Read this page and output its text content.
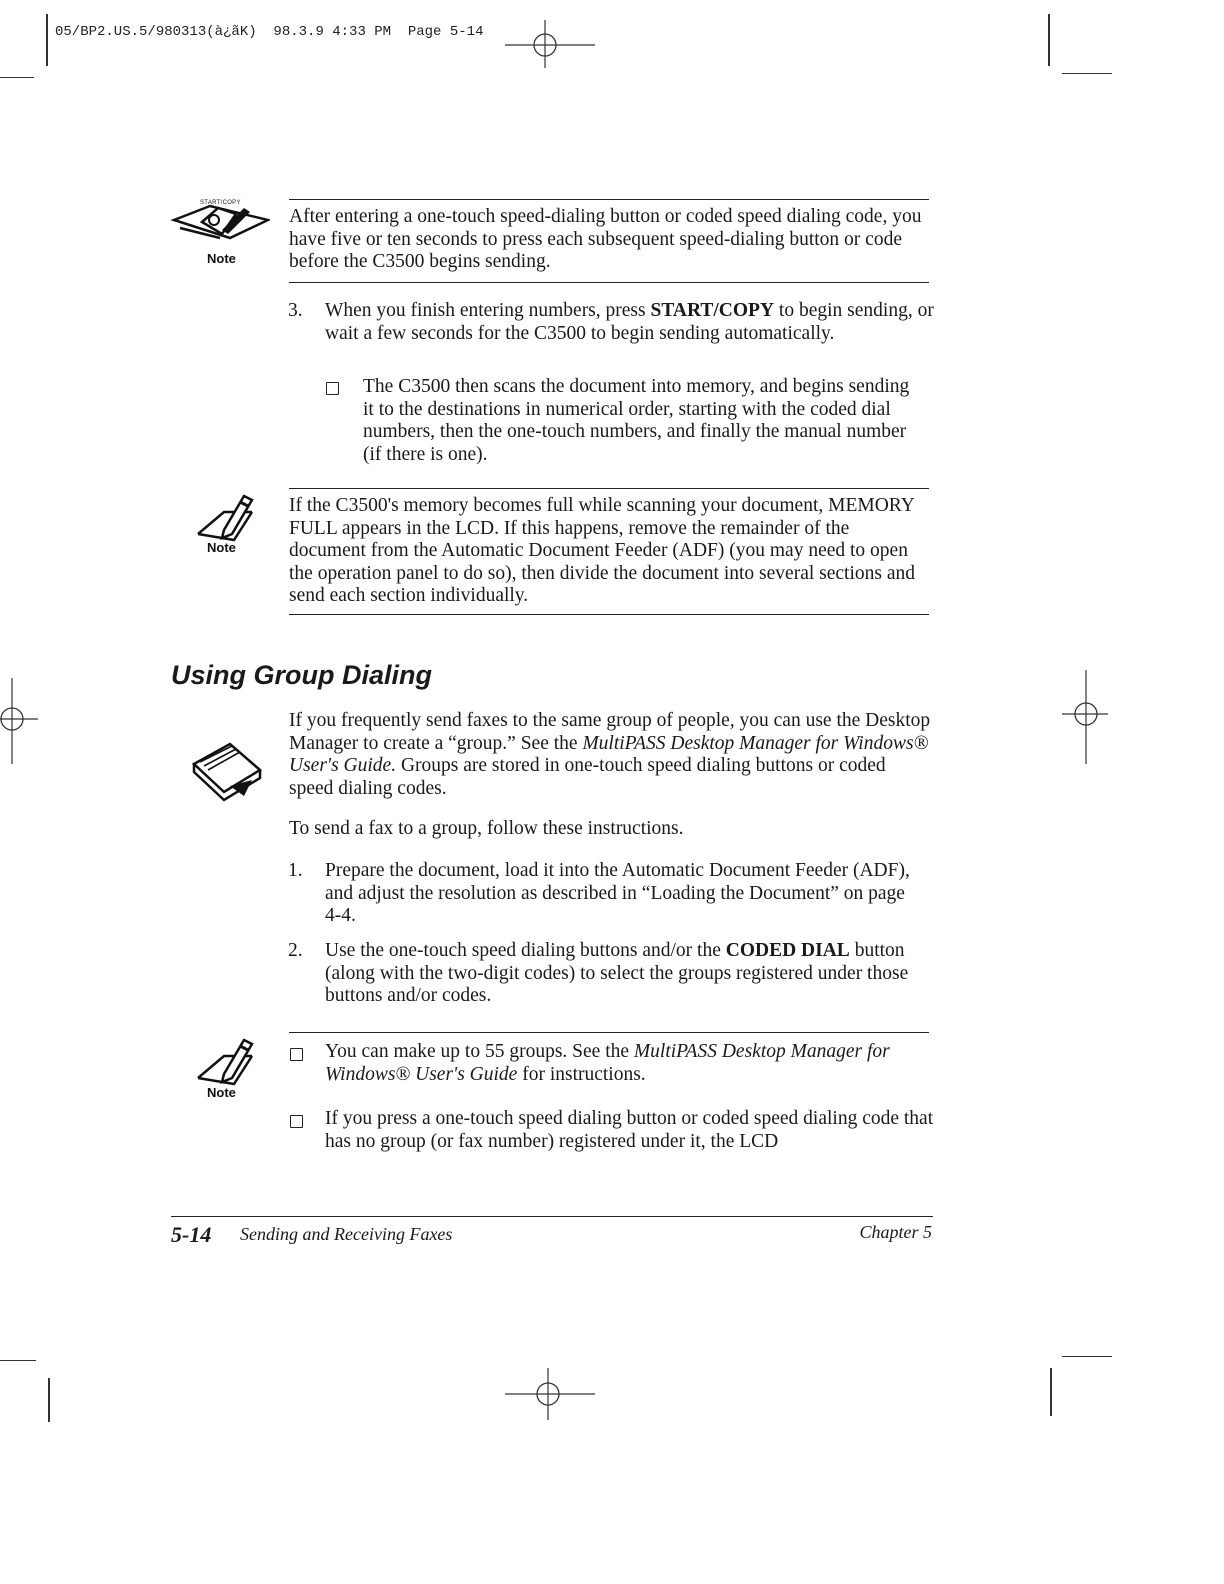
05/BP2.US.5/980313(à¿ãK)  98.3.9 4:33 PM  Page 5-14
START/COPY
Note

After entering a one-touch speed-dialing button or coded speed dialing code, you have five or ten seconds to press each subsequent speed-dialing button or code before the C3500 begins sending.

3.	When you finish entering numbers, press START/COPY to begin sending, or wait a few seconds for the C3500 to begin sending automatically.

The C3500 then scans the document into memory, and begins sending it to the destinations in numerical order, starting with the coded dial numbers, then the one-touch numbers, and finally the manual number (if there is one).

Note

If the C3500's memory becomes full while scanning your document, MEMORY FULL appears in the LCD. If this happens, remove the remainder of the document from the Automatic Document Feeder (ADF) (you may need to open the operation panel to do so), then divide the document into several sections and send each section individually.

Using Group Dialing

If you frequently send faxes to the same group of people, you can use the Desktop Manager to create a “group.” See the MultiPASS Desktop Manager for Windows® User's Guide. Groups are stored in one-touch speed dialing buttons or coded speed dialing codes.

To send a fax to a group, follow these instructions.

1.	Prepare the document, load it into the Automatic Document Feeder (ADF), and adjust the resolution as described in “Loading the Document” on page 4-4.

2.	Use the one-touch speed dialing buttons and/or the CODED DIAL button (along with the two-digit codes) to select the groups registered under those buttons and/or codes.

Note

You can make up to 55 groups. See the MultiPASS Desktop Manager for Windows® User's Guide for instructions.

If you press a one-touch speed dialing button or coded speed dialing code that has no group (or fax number) registered under it, the LCD

5-14 Sending and Receiving Faxes	Chapter 5
